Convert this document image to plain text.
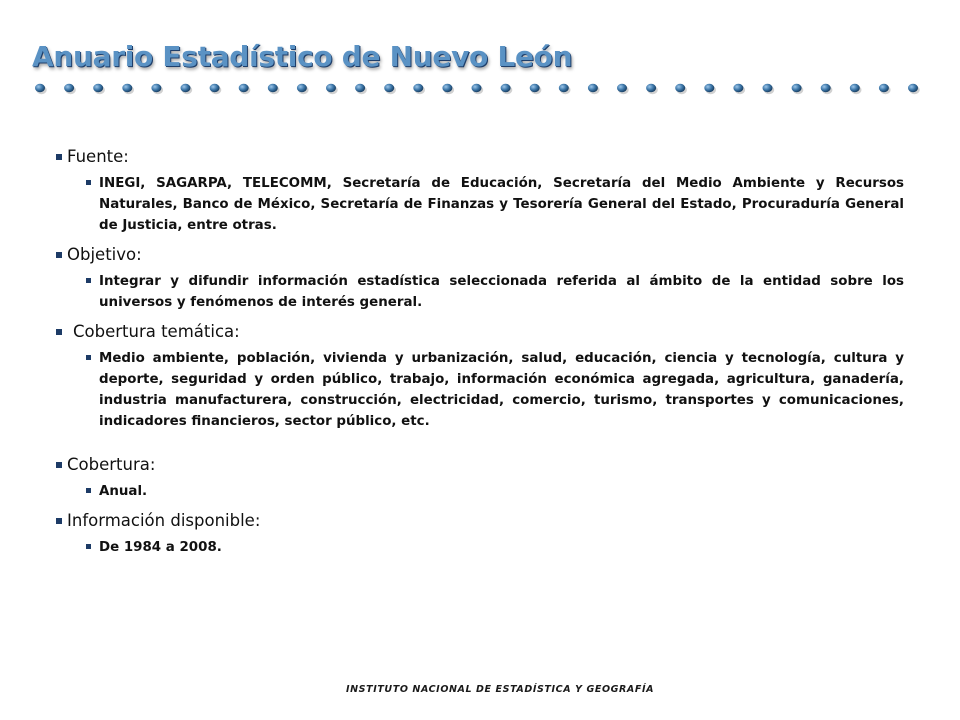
Anuario Estadístico de Nuevo León
Fuente:
INEGI, SAGARPA, TELECOMM, Secretaría de Educación, Secretaría del Medio Ambiente y Recursos Naturales, Banco de México, Secretaría de Finanzas y Tesorería General del Estado, Procuraduría General de Justicia, entre otras.
Objetivo:
Integrar y difundir información estadística seleccionada referida al ámbito de la entidad sobre los universos y fenómenos de interés general.
Cobertura temática:
Medio ambiente, población, vivienda y urbanización, salud, educación, ciencia y tecnología, cultura y deporte, seguridad y orden público, trabajo, información económica agregada, agricultura, ganadería, industria manufacturera, construcción, electricidad, comercio, turismo, transportes y comunicaciones, indicadores financieros, sector público, etc.
Cobertura:
Anual.
Información disponible:
De 1984 a 2008.
INSTITUTO NACIONAL DE ESTADÍSTICA Y GEOGRAFÍA
